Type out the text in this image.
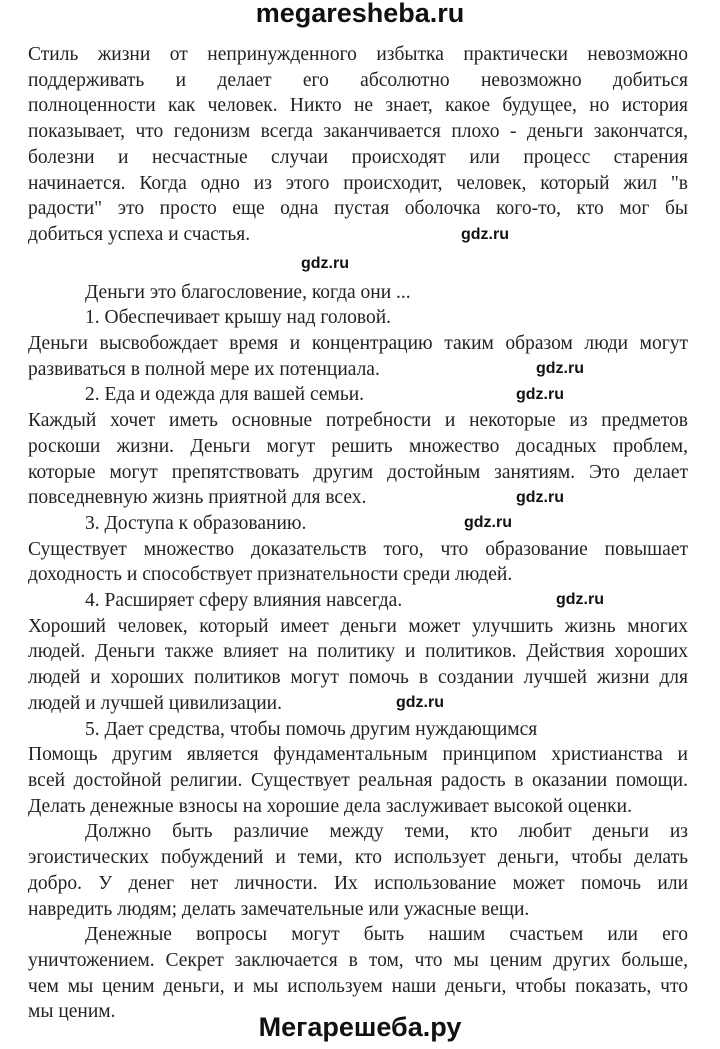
megaresheba.ru
Стиль жизни от непринужденного избытка практически невозможно
поддерживать и делает его абсолютно невозможно добиться
полноценности как человек. Никто не знает, какое будущее, но история
показывает, что гедонизм всегда заканчивается плохо - деньги закончатся,
болезни и несчастные случаи происходят или процесс старения
начинается. Когда одно из этого происходит, человек, который жил "в
радости" это просто еще одна пустая оболочка кого-то, кто мог бы
добиться успеха и счастья.
Деньги это благословение, когда они ...
1. Обеспечивает крышу над головой.
Деньги высвобождает время и концентрацию таким образом люди могут
развиваться в полной мере их потенциала.
2. Еда и одежда для вашей семьи.
Каждый хочет иметь основные потребности и некоторые из предметов
роскоши жизни. Деньги могут решить множество досадных проблем,
которые могут препятствовать другим достойным занятиям. Это делает
повседневную жизнь приятной для всех.
3. Доступа к образованию.
Существует множество доказательств того, что образование повышает
доходность и способствует признательности среди людей.
4. Расширяет сферу влияния навсегда.
Хороший человек, который имеет деньги может улучшить жизнь многих
людей. Деньги также влияет на политику и политиков. Действия хороших
людей и хороших политиков могут помочь в создании лучшей жизни для
людей и лучшей цивилизации.
5. Дает средства, чтобы помочь другим нуждающимся
Помощь другим является фундаментальным принципом христианства и
всей достойной религии. Существует реальная радость в оказании помощи.
Делать денежные взносы на хорошие дела заслуживает высокой оценки.
Должно быть различие между теми, кто любит деньги из
эгоистических побуждений и теми, кто использует деньги, чтобы делать
добро. У денег нет личности. Их использование может помочь или
навредить людям; делать замечательные или ужасные вещи.
Денежные вопросы могут быть нашим счастьем или его
уничтожением. Секрет заключается в том, что мы ценим других больше,
чем мы ценим деньги, и мы используем наши деньги, чтобы показать, что
мы ценим.
gdz.ru
gdz.ru
gdz.ru
gdz.ru
gdz.ru
gdz.ru
gdz.ru
gdz.ru
Мегарешеба.ру
